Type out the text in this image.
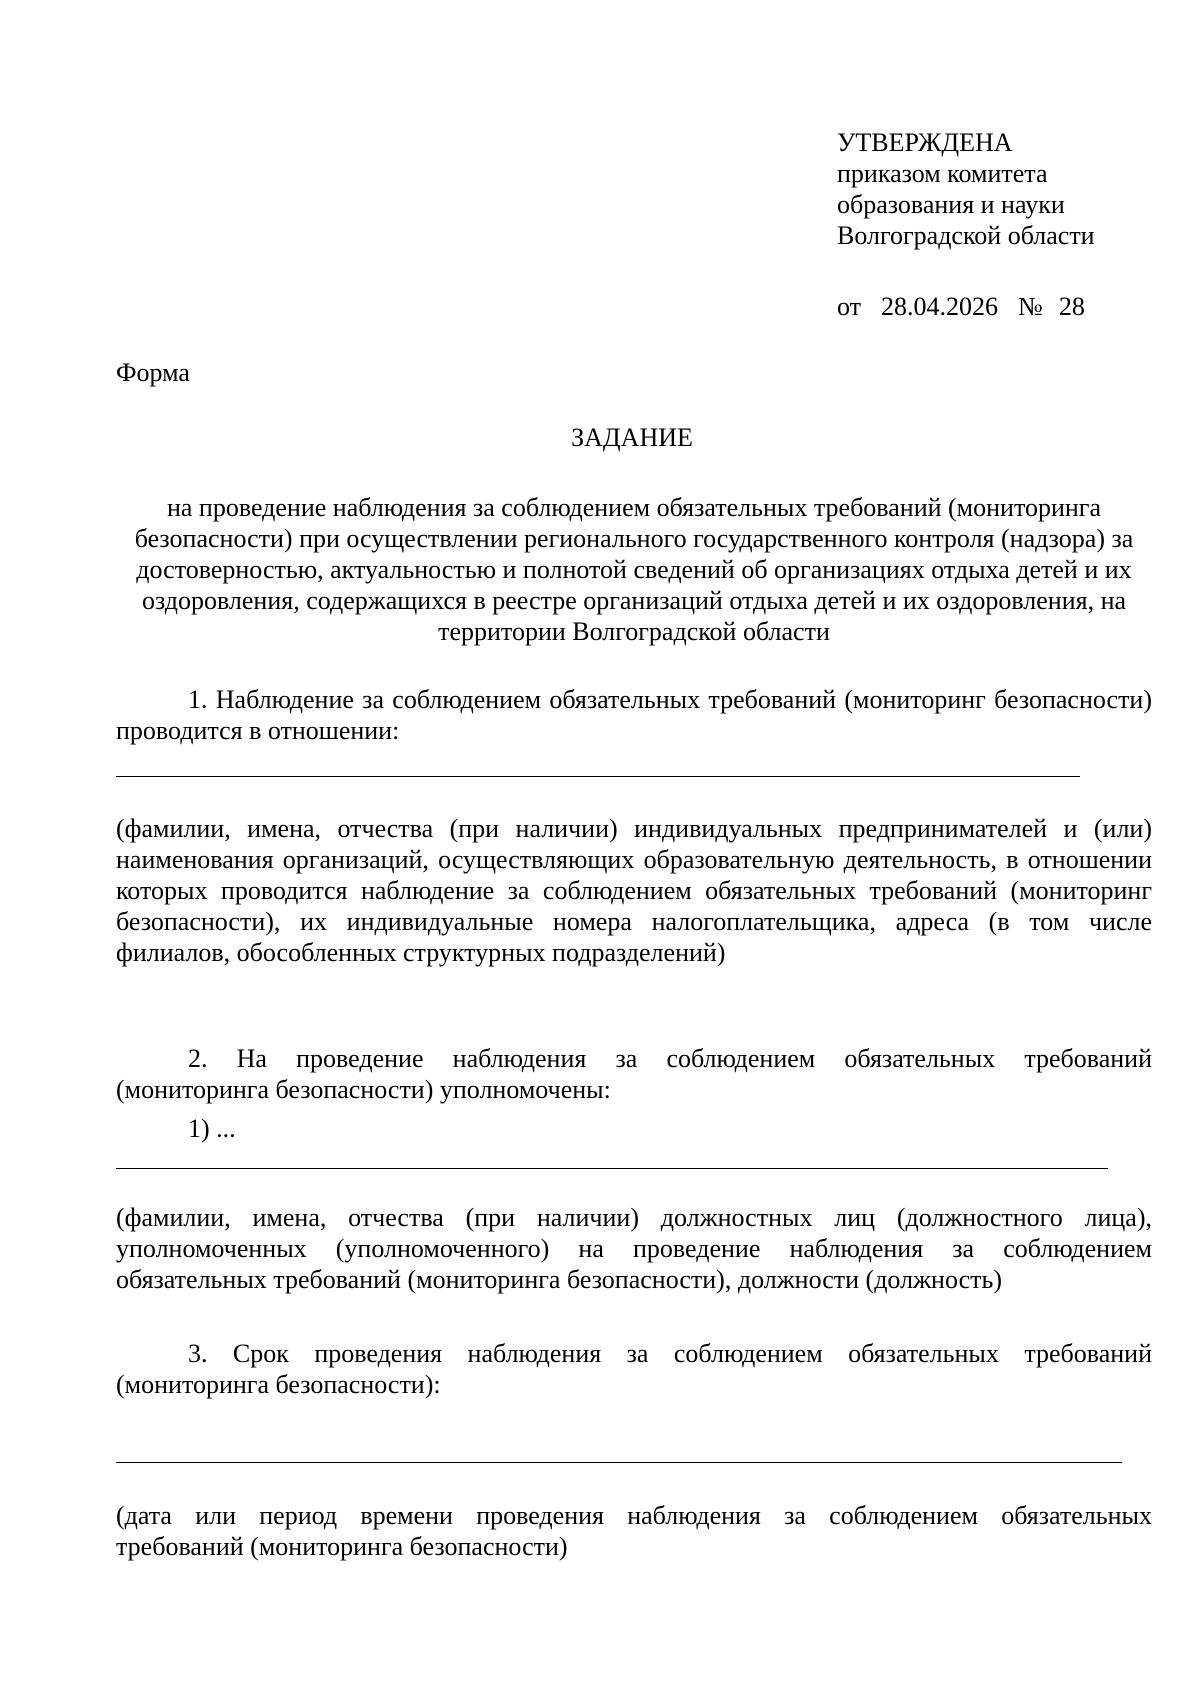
УТВЕРЖДЕНА
приказом комитета
образования и науки
Волгоградской области
от 28.04.2026 № 28
Форма
ЗАДАНИЕ
на проведение наблюдения за соблюдением обязательных требований (мониторинга безопасности) при осуществлении регионального государственного контроля (надзора) за достоверностью, актуальностью и полнотой сведений об организациях отдыха детей и их оздоровления, содержащихся в реестре организаций отдыха детей и их оздоровления, на территории Волгоградской области
1. Наблюдение за соблюдением обязательных требований (мониторинг безопасности) проводится в отношении:
(фамилии, имена, отчества (при наличии) индивидуальных предпринимателей и (или) наименования организаций, осуществляющих образовательную деятельность, в отношении которых проводится наблюдение за соблюдением обязательных требований (мониторинг безопасности), их индивидуальные номера налогоплательщика, адреса (в том числе филиалов, обособленных структурных подразделений)
2. На проведение наблюдения за соблюдением обязательных требований (мониторинга безопасности) уполномочены:
1) ...
(фамилии, имена, отчества (при наличии) должностных лиц (должностного лица), уполномоченных (уполномоченного) на проведение наблюдения за соблюдением обязательных требований (мониторинга безопасности), должности (должность)
3. Срок проведения наблюдения за соблюдением обязательных требований (мониторинга безопасности):
(дата или период времени проведения наблюдения за соблюдением обязательных требований (мониторинга безопасности)
